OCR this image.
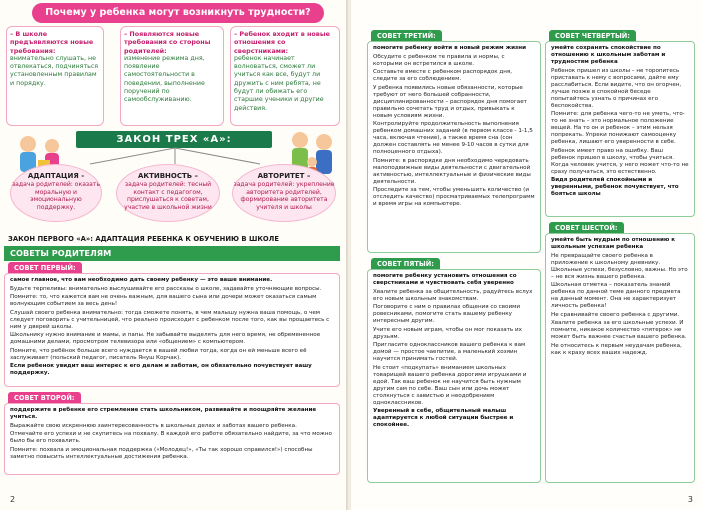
Почему у ребенка могут возникнуть трудности?
– В школе предъявляются новые требования:
внимательно слушать, не отвлекаться, подчиняться установленным правилам и порядку.
– Появляются новые требования со стороны родителей:
изменение режима дня, появление самостоятельности в поведении, выполнение поручений по самообслуживанию.
– Ребенок входит в новые отношения со сверстниками:
ребенок начинает волноваться, сможет ли учиться как все, будут ли дружить с ним ребята, не будут ли обижать его старшие ученики и другие действия.
ЗАКОН ТРЕХ «А»:
АДАПТАЦИЯ -
задача родителей: оказать моральную и эмоциональную поддержку.
АКТИВНОСТЬ –
задача родителей: тесный контакт с педагогом, прислушаться к советам, участие в школьной жизни
АВТОРИТЕТ –
задача родителей: укрепление авторитета родителей, формирование авторитета учителя и школы
ЗАКОН ПЕРВОГО «А»: АДАПТАЦИЯ РЕБЕНКА К ОБУЧЕНИЮ В ШКОЛЕ
СОВЕТЫ РОДИТЕЛЯМ
СОВЕТ ПЕРВЫЙ:

самое главное, что вам необходимо дать своему ребенку — это ваше внимание.

Будьте терпеливы: внимательно выслушивайте его рассказы о школе, задавайте уточняющие вопросы.

Помните: то, что кажется вам не очень важным, для вашего сына или дочери может оказаться самым волнующим событием за весь день!

Слушай своего ребенка внимательно: тогда сможете понять, в чем малышу нужна ваша помощь, о чем следует поговорить с учительницей, что реально происходит с ребенком после того, как вы прощаетесь с ним у дверей школы.

Школьнику нужно внимание и мамы, и папы. Не забывайте выделять для него время, не обремененное домашними делами, просмотром телевизора или «общением» с компьютером.

Помните, что ребёнок больше всего нуждается в вашей любви тогда, когда он ей меньше всего её заслуживает (польский педагог, писатель Януш Корчак).

Если ребенок увидит ваш интерес к его делам и заботам, он обязательно почувствует вашу поддержку.

СОВЕТ ВТОРОЙ:

поддержите в ребенке его стремление стать школьником, развивайте и поощряйте желание учиться.

Выражайте свою искреннюю заинтересованность в школьных делах и заботах вашего ребенка.

Отмечайте его успехи и не скупитесь на похвалу. В каждой его работе обязательно найдите, за что можно было бы его похвалить.

Помните: похвала и эмоциональная поддержка («Молодец!», «Ты так хорошо справился!») способны заметно повысить интеллектуальные достижения ребенка.

2
СОВЕТ ТРЕТИЙ:

помогите ребенку войти в новый режим жизни

Обсудите с ребенком те правила и нормы, с которыми он встретился в школе.

Составьте вместе с ребенком распорядок дня, следите за его соблюдением.

У ребенка появились новые обязанности, которые требуют от него большей собранности, дисциплинированности – распорядок дня помогает правильно сочетать труд и отдых, привыкать к новым условиям жизни.

Контролируйте продолжительность выполнения ребенком домашних заданий (в первом классе - 1-1,5 часа, включая чтение), а также время сна (сон должен составлять не менее 9-10 часов в сутки для полноценного отдыха).

Помните: в распорядке дня необходимо чередовать малоподвижные виды деятельности с двигательной активностью, интеллектуальные и физические виды деятельности.

Проследите за тем, чтобы уменьшить количество (и отследить качество) просматриваемых телепрограмм и время игры на компьютере.

СОВЕТ ЧЕТВЕРТЫЙ:

умейте сохранять спокойствие по отношению к школьным заботам и трудностям ребенка

Ребенок пришел из школы – не торопитесь приставать к нему с вопросами, дайте ему расслабиться. Если видите, что он огорчен, лучше позже в спокойной беседе попытайтесь узнать о причинах его беспокойства.

Помните: для ребенка чего-то не уметь, что-то не знать – это нормальное положение вещей. На то он и ребенок – этим нельзя попрекать. Упреки понижают самооценку ребенка, лишают его уверенности в себе.

Ребенок имеет право на ошибку. Ваш ребенок пришел в школу, чтобы учиться. Когда человек учится, у него может что-то не сразу получаться, это естественно.

Видя родителей спокойными и уверенными, ребенок почувствует, что бояться школы

СОВЕТ ПЯТЫЙ:

помогите ребенку установить отношения со сверстниками и чувствовать себя уверенно

Хвалите ребенка за общительность, радуйтесь вслух его новым школьным знакомствам.

Поговорите с ним о правилах общения со своими ровесниками, помогите стать вашему ребенку интересным другим.

Учите его новым играм, чтобы он мог показать их друзьям.

Пригласите одноклассников вашего ребенка к вам домой — простое чаепитие, а маленький хозяин научится принимать гостей.

Не стоит «подкупать» вниманием школьных товарищей вашего ребенка дорогими игрушками и едой. Так ваш ребенок не научится быть нужным другим сам по себе. Ваш сын или дочь может столкнуться с завистью и неодобрением одноклассников.

Уверенный в себе, общительный малыш адаптируется к любой ситуации быстрее и спокойнее.

СОВЕТ ШЕСТОЙ:

умейте быть мудрым по отношению к школьным успехам ребенка

Не превращайте своего ребенка в приложение к школьному дневнику. Школьные успехи, безусловно, важны. Но это – не вся жизнь вашего ребенка.

Школьная отметка – показатель знаний ребенка по данной теме данного предмета на данный момент. Она не характеризует личность ребенка!

Не сравнивайте своего ребенка с другими.

Хвалите ребенка за его школьные успехи. И помните, никакое количество «пятерок» не может быть важнее счастья вашего ребенка.

Не относитесь к первым неудачам ребенка, как к краху всех ваших надежд.

3
